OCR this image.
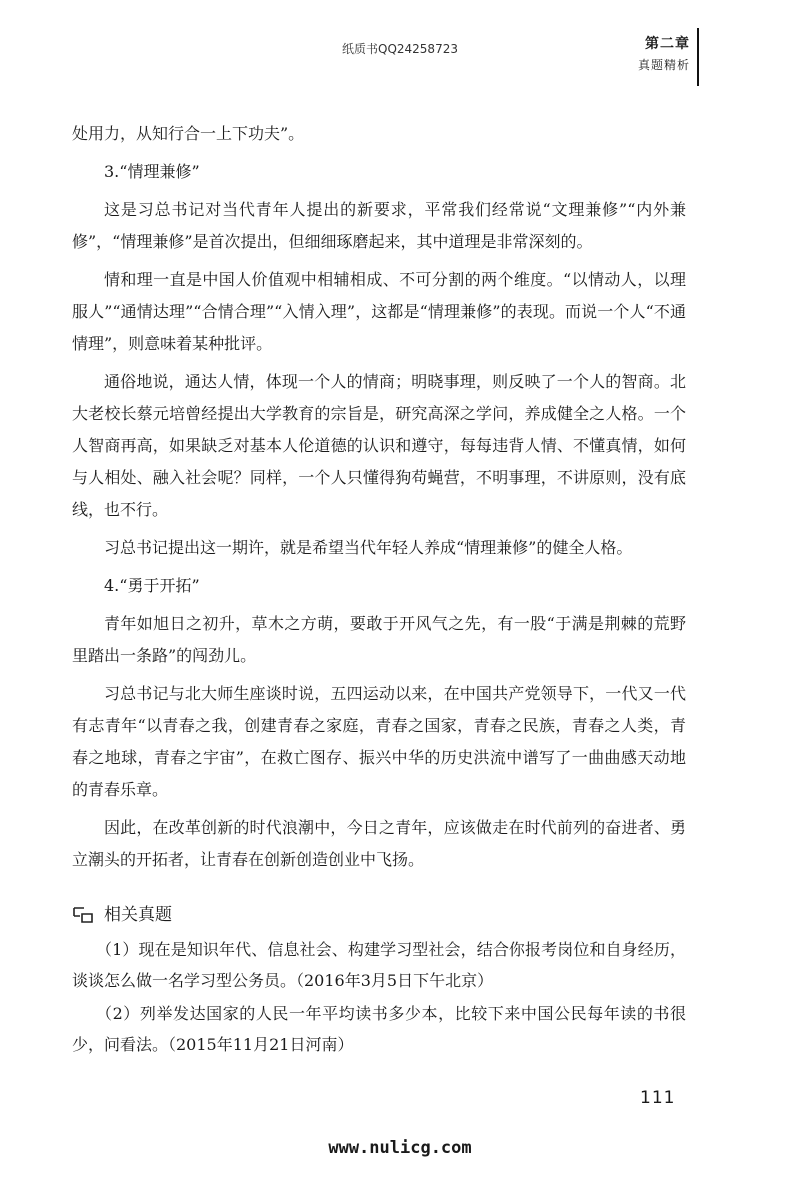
纸质书QQ24258723	第二章
真题精析

处用力，从知行合一上下功夫”。

3.“情理兼修”

这是习总书记对当代青年人提出的新要求，平常我们经常说“文理兼修”“内外兼修”，“情理兼修”是首次提出，但细细琢磨起来，其中道理是非常深刻的。

情和理一直是中国人价值观中相辅相成、不可分割的两个维度。“以情动人，以理服人”“通情达理”“合情合理”“入情入理”，这都是“情理兼修”的表现。而说一个人“不通情理”，则意味着某种批评。

通俗地说，通达人情，体现一个人的情商；明晓事理，则反映了一个人的智商。北大老校长蔡元培曾经提出大学教育的宗旨是，研究高深之学问，养成健全之人格。一个人智商再高，如果缺乏对基本人伦道德的认识和遵守，每每违背人情、不懂真情，如何与人相处、融入社会呢？同样，一个人只懂得狗苟蝇营，不明事理，不讲原则，没有底线，也不行。

习总书记提出这一期许，就是希望当代年轻人养成“情理兼修”的健全人格。

4.“勇于开拓”

青年如旭日之初升，草木之方萌，要敢于开风气之先，有一股“于满是荆棘的荒野里踏出一条路”的闯劲儿。

习总书记与北大师生座谈时说，五四运动以来，在中国共产党领导下，一代又一代有志青年“以青春之我，创建青春之家庭，青春之国家，青春之民族，青春之人类，青春之地球，青春之宇宙”，在救亡图存、振兴中华的历史洪流中谱写了一曲曲感天动地的青春乐章。

因此，在改革创新的时代浪潮中，今日之青年，应该做走在时代前列的奋进者、勇立潮头的开拓者，让青春在创新创造创业中飞扬。

相关真题

（1）现在是知识年代、信息社会、构建学习型社会，结合你报考岗位和自身经历，谈谈怎么做一名学习型公务员。（2016年3月5日下午北京）

（2）列举发达国家的人民一年平均读书多少本，比较下来中国公民每年读的书很少，问看法。（2015年11月21日河南）

111
www.nulicg.com
